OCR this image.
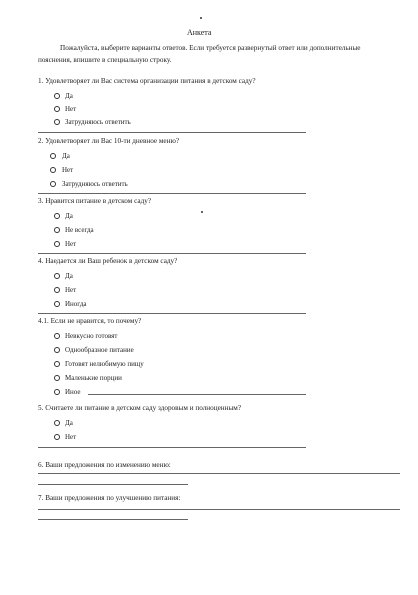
Анкета
Пожалуйста, выберите варианты ответов. Если требуется развернутый ответ или дополнительные пояснения, впишите в специальную строку.
1. Удовлетворяет ли Вас система организации питания в детском саду?
Да
Нет
Затрудняюсь ответить
2. Удовлетворяет ли Вас 10-ти дневное меню?
Да
Нет
Затрудняюсь ответить
3. Нравится питание в детском саду?
Да
Не всегда
Нет
4. Наедается ли Ваш ребенок в детском саду?
Да
Нет
Иногда
4.1. Если не нравится, то почему?
Невкусно готовят
Однообразное питание
Готовят нелюбимую пищу
Маленькие порции
Иное
5. Считаете ли питание в детском саду здоровым и полноценным?
Да
Нет
6. Ваши предложения по изменению меню:
7. Ваши предложения по улучшению питания:
